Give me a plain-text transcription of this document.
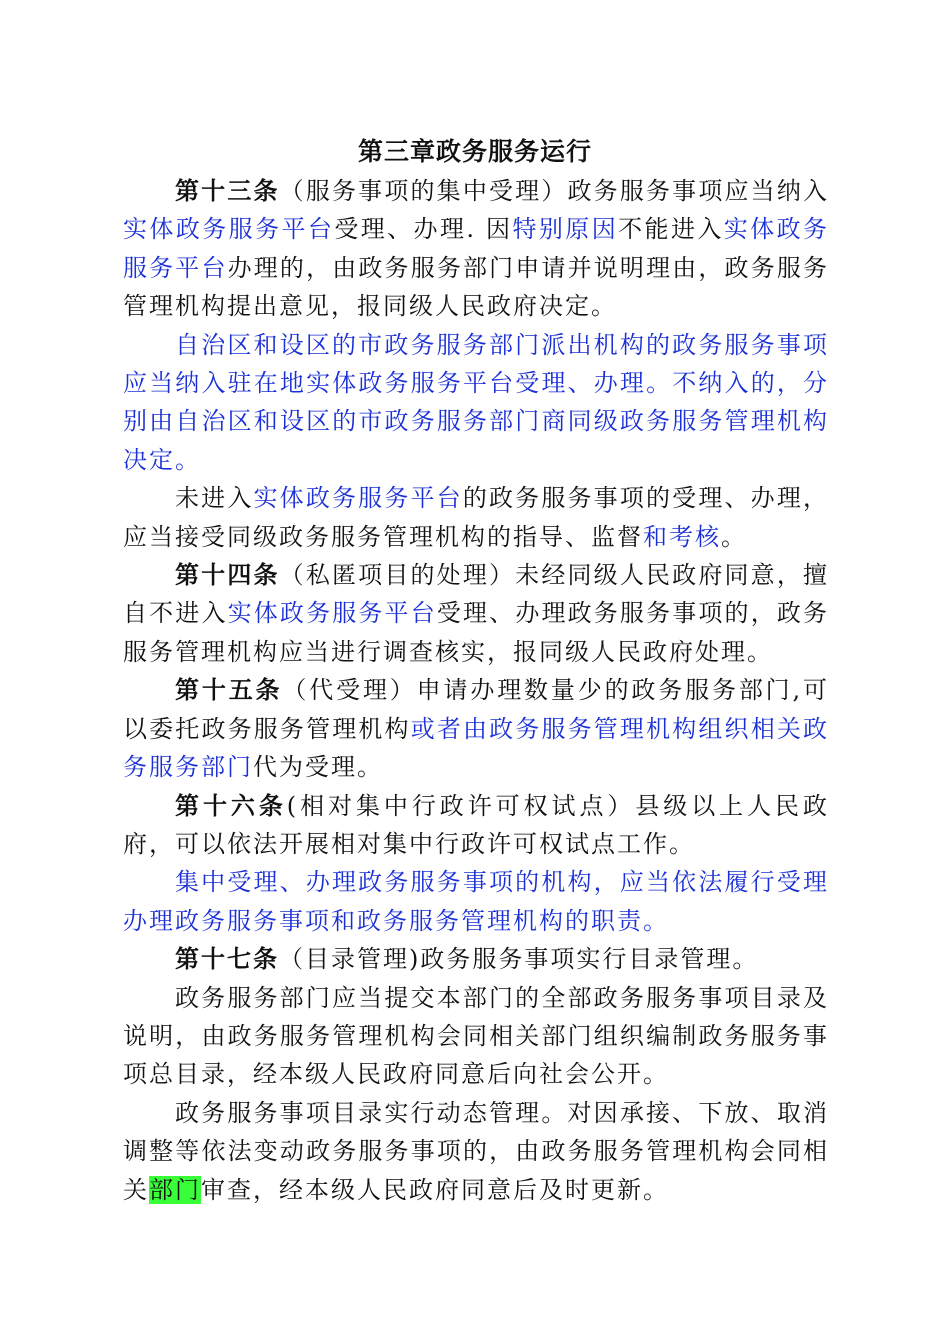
第三章政务服务运行

第十三条（服务事项的集中受理）政务服务事项应当纳入实体政务服务平台受理、办理. 因特别原因不能进入实体政务服务平台办理的，由政务服务部门申请并说明理由，政务服务管理机构提出意见，报同级人民政府决定。

自治区和设区的市政务服务部门派出机构的政务服务事项应当纳入驻在地实体政务服务平台受理、办理。不纳入的，分别由自治区和设区的市政务服务部门商同级政务服务管理机构决定。

未进入实体政务服务平台的政务服务事项的受理、办理，应当接受同级政务服务管理机构的指导、监督和考核。

第十四条（私匿项目的处理）未经同级人民政府同意，擅自不进入实体政务服务平台受理、办理政务服务事项的，政务服务管理机构应当进行调查核实，报同级人民政府处理。

第十五条（代受理）申请办理数量少的政务服务部门,可以委托政务服务管理机构或者由政务服务管理机构组织相关政务服务部门代为受理。

第十六条(相对集中行政许可权试点）县级以上人民政府，可以依法开展相对集中行政许可权试点工作。

集中受理、办理政务服务事项的机构，应当依法履行受理办理政务服务事项和政务服务管理机构的职责。

第十七条（目录管理)政务服务事项实行目录管理。

政务服务部门应当提交本部门的全部政务服务事项目录及说明，由政务服务管理机构会同相关部门组织编制政务服务事项总目录，经本级人民政府同意后向社会公开。

政务服务事项目录实行动态管理。对因承接、下放、取消调整等依法变动政务服务事项的，由政务服务管理机构会同相关部门审查，经本级人民政府同意后及时更新。
